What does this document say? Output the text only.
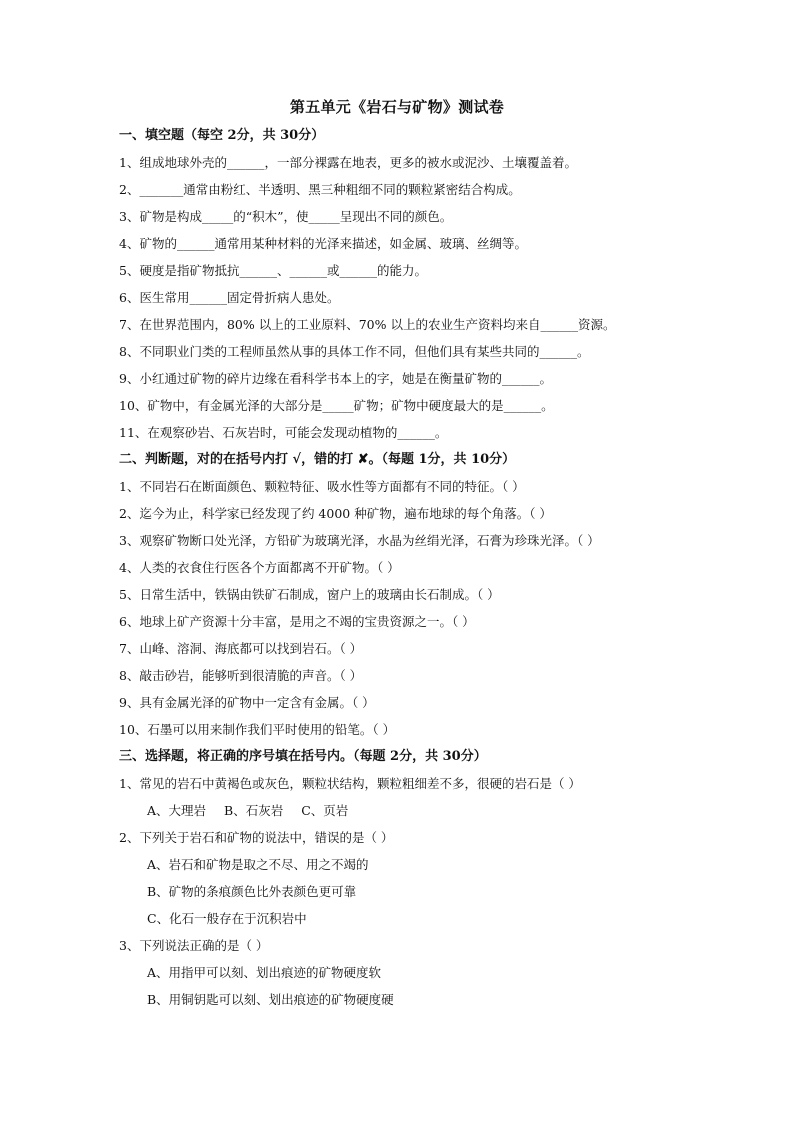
第五单元《岩石与矿物》测试卷
一、填空题（每空 2分，共 30分）
1、组成地球外壳的______，一部分裸露在地表，更多的被水或泥沙、土壤覆盖着。
2、_______通常由粉红、半透明、黑三种粗细不同的颗粒紧密结合构成。
3、矿物是构成_____的“积木”，使_____呈现出不同的颜色。
4、矿物的______通常用某种材料的光泽来描述，如金属、玻璃、丝绸等。
5、硬度是指矿物抵抗______、______或______的能力。
6、医生常用______固定骨折病人患处。
7、在世界范围内，80% 以上的工业原料、70% 以上的农业生产资料均来自______资源。
8、不同职业门类的工程师虽然从事的具体工作不同，但他们具有某些共同的______。
9、小红通过矿物的碎片边缘在看科学书本上的字，她是在衡量矿物的______。
10、矿物中，有金属光泽的大部分是_____矿物；矿物中硬度最大的是______。
11、在观察砂岩、石灰岩时，可能会发现动植物的______。
二、判断题，对的在括号内打 √，错的打 ✘。（每题 1分，共 10分）
1、不同岩石在断面颜色、颗粒特征、吸水性等方面都有不同的特征。（ ）
2、迄今为止，科学家已经发现了约 4000 种矿物，遍布地球的每个角落。（ ）
3、观察矿物断口处光泽，方铅矿为玻璃光泽，水晶为丝绢光泽，石膏为珍珠光泽。（ ）
4、人类的衣食住行医各个方面都离不开矿物。（ ）
5、日常生活中，铁锅由铁矿石制成，窗户上的玻璃由长石制成。（ ）
6、地球上矿产资源十分丰富，是用之不竭的宝贵资源之一。（ ）
7、山峰、溶洞、海底都可以找到岩石。（ ）
8、敲击砂岩，能够听到很清脆的声音。（ ）
9、具有金属光泽的矿物中一定含有金属。（ ）
10、石墨可以用来制作我们平时使用的铅笔。（ ）
三、选择题，将正确的序号填在括号内。（每题 2分，共 30分）
1、常见的岩石中黄褐色或灰色，颗粒状结构，颗粒粗细差不多，很硬的岩石是（ ）
A、大理岩 B、石灰岩 C、页岩
2、下列关于岩石和矿物的说法中，错误的是（ ）
A、岩石和矿物是取之不尽、用之不竭的
B、矿物的条痕颜色比外表颜色更可靠
C、化石一般存在于沉积岩中
3、下列说法正确的是（ ）
A、用指甲可以刻、划出痕迹的矿物硬度软
B、用铜钥匙可以刻、划出痕迹的矿物硬度硬
